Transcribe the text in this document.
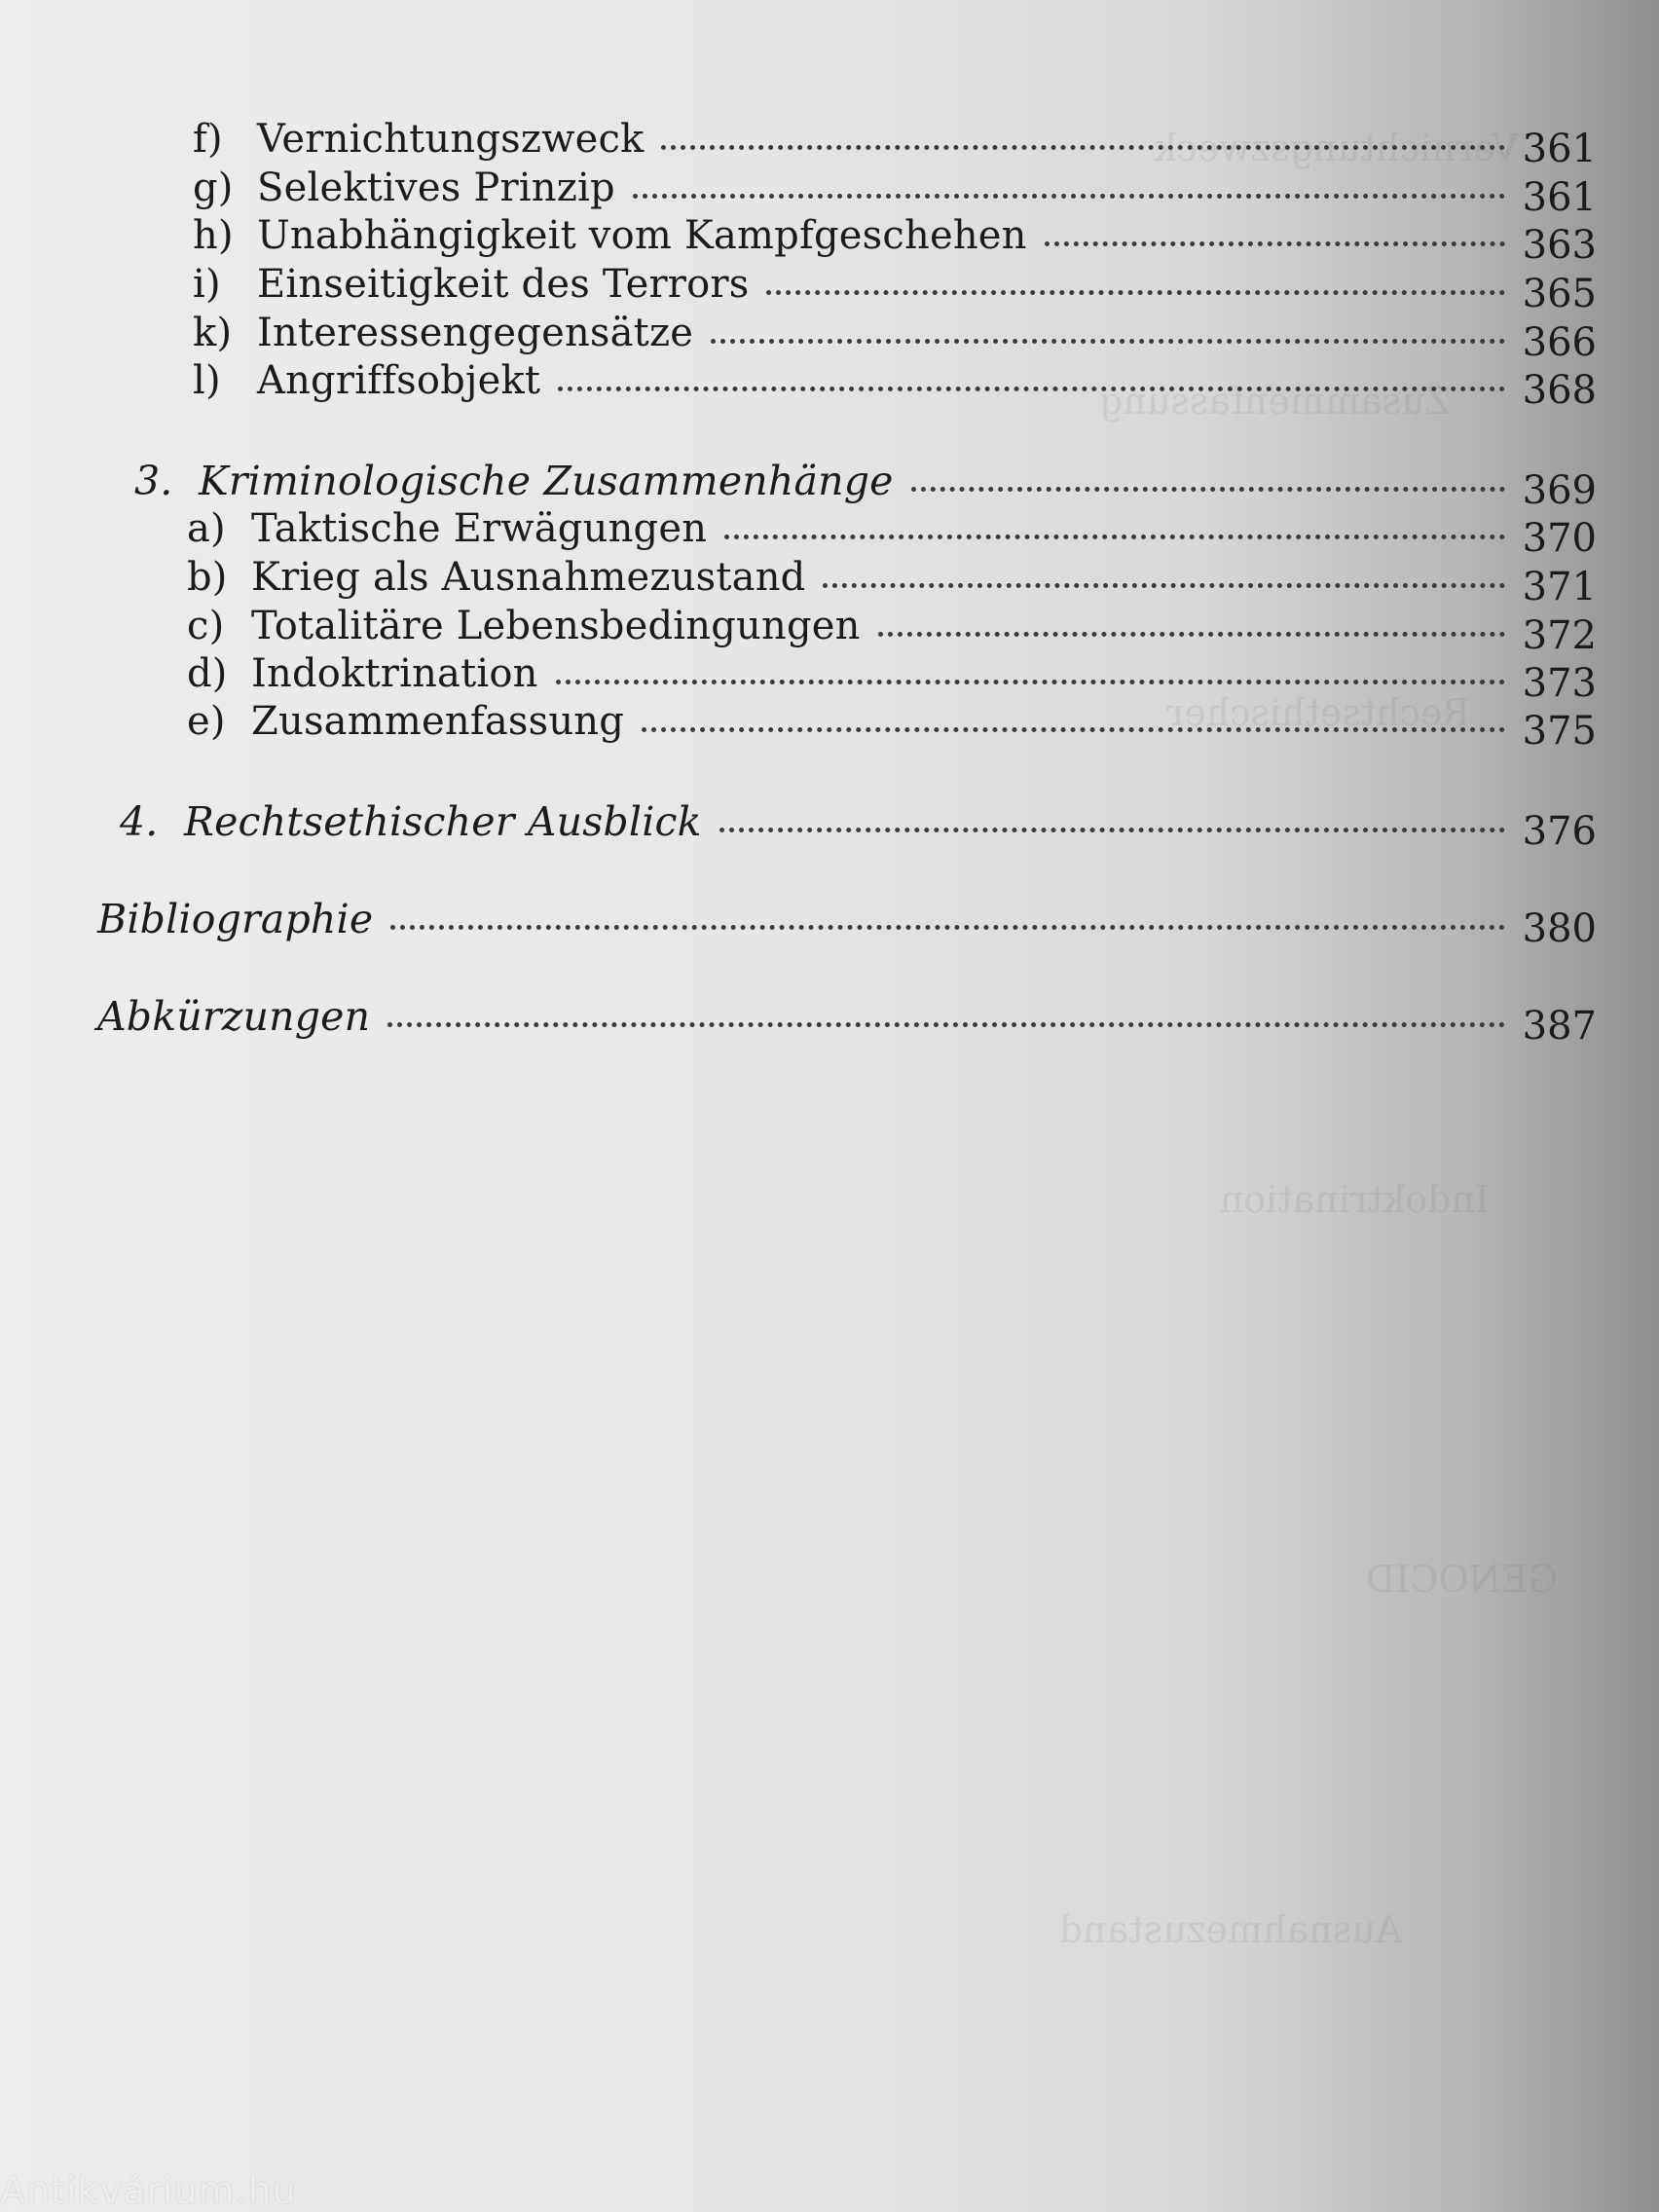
Vernichtungszweck
Zusammenfassung
Rechtsethischer
Indoktrination
GENOCID
Ausnahmezustand
f) Vernichtungszweck	361
g) Selektives Prinzip	361
h) Unabhängigkeit vom Kampfgeschehen	363
i) Einseitigkeit des Terrors	365
k) Interessengegensätze	366
l) Angriffsobjekt	368
3. Kriminologische Zusammenhänge	369
a) Taktische Erwägungen	370
b) Krieg als Ausnahmezustand	371
c) Totalitäre Lebensbedingungen	372
d) Indoktrination	373
e) Zusammenfassung	375
4. Rechtsethischer Ausblick	376
Bibliographie	380
Abkürzungen	387
Antikvárium.hu
